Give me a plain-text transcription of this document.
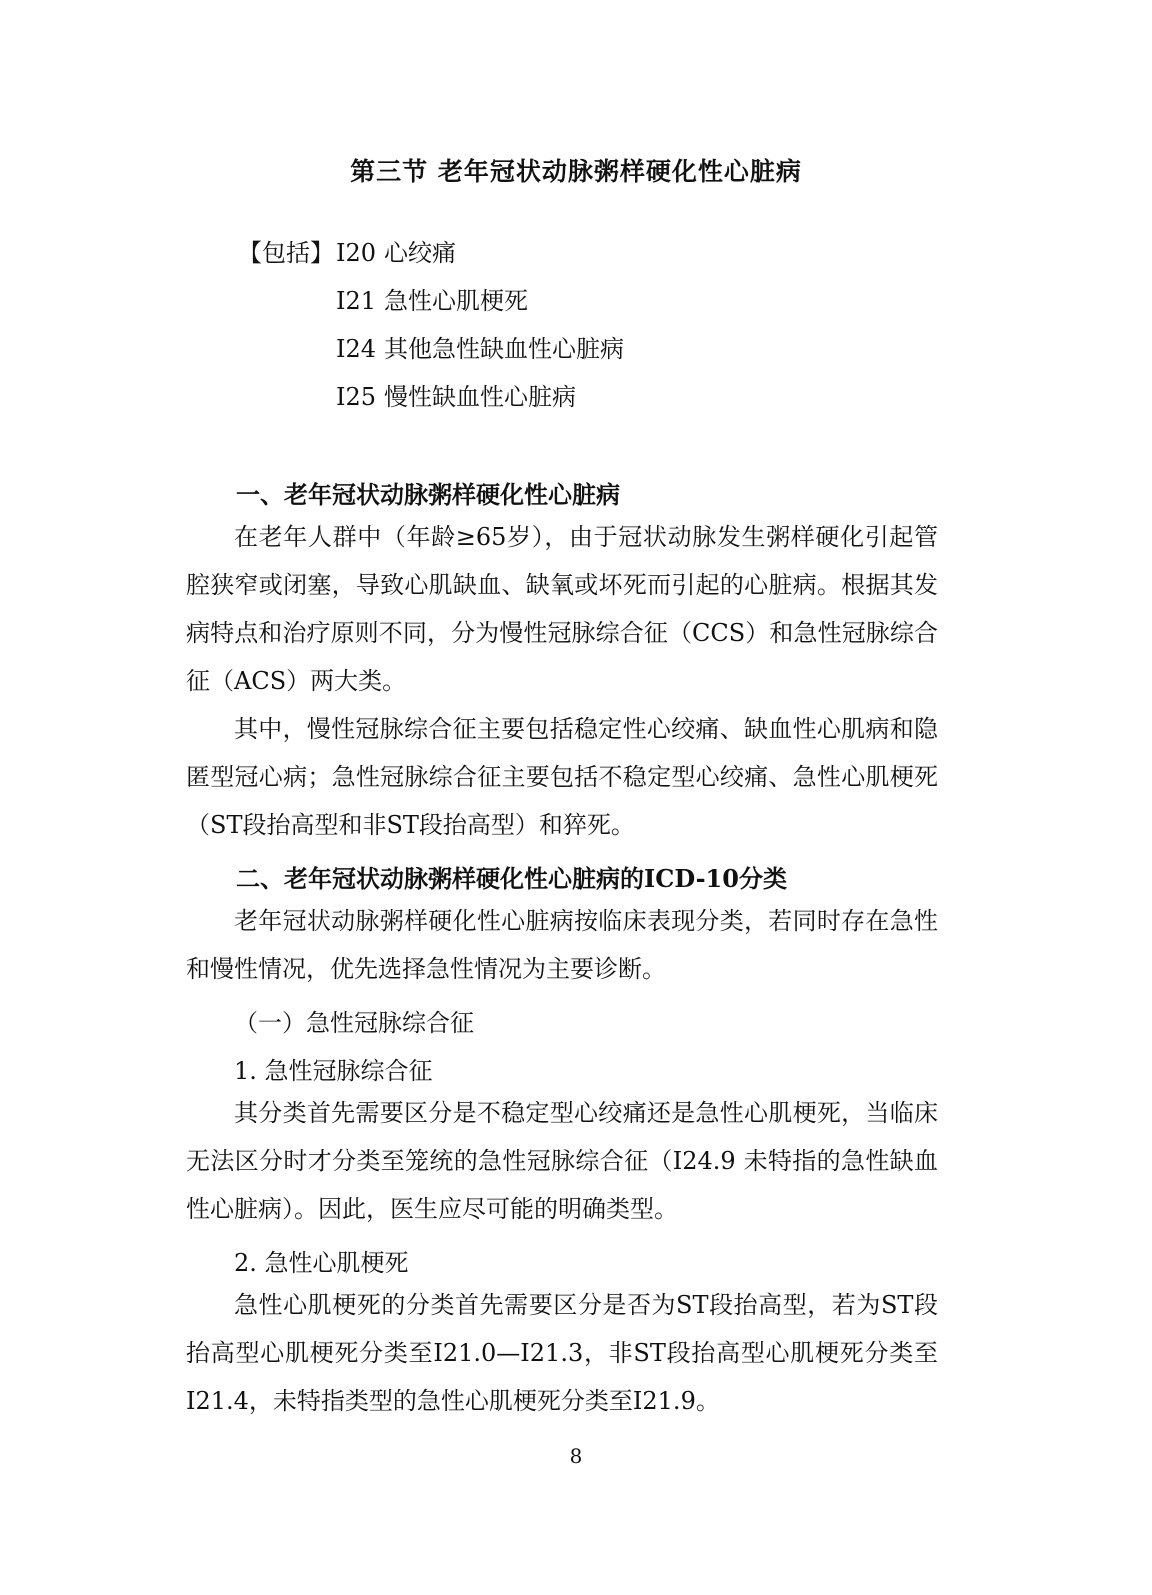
第三节 老年冠状动脉粥样硬化性心脏病
【包括】I20 心绞痛
I21 急性心肌梗死
I24 其他急性缺血性心脏病
I25 慢性缺血性心脏病
一、老年冠状动脉粥样硬化性心脏病

在老年人群中（年龄≥65岁），由于冠状动脉发生粥样硬化引起管腔狭窄或闭塞，导致心肌缺血、缺氧或坏死而引起的心脏病。根据其发病特点和治疗原则不同，分为慢性冠脉综合征（CCS）和急性冠脉综合征（ACS）两大类。

其中，慢性冠脉综合征主要包括稳定性心绞痛、缺血性心肌病和隐匿型冠心病；急性冠脉综合征主要包括不稳定型心绞痛、急性心肌梗死（ST段抬高型和非ST段抬高型）和猝死。

二、老年冠状动脉粥样硬化性心脏病的ICD-10分类

老年冠状动脉粥样硬化性心脏病按临床表现分类，若同时存在急性和慢性情况，优先选择急性情况为主要诊断。

（一）急性冠脉综合征
1. 急性冠脉综合征

其分类首先需要区分是不稳定型心绞痛还是急性心肌梗死，当临床无法区分时才分类至笼统的急性冠脉综合征（I24.9 未特指的急性缺血性心脏病）。因此，医生应尽可能的明确类型。

2. 急性心肌梗死

急性心肌梗死的分类首先需要区分是否为ST段抬高型，若为ST段抬高型心肌梗死分类至I21.0—I21.3，非ST段抬高型心肌梗死分类至I21.4，未特指类型的急性心肌梗死分类至I21.9。

8
